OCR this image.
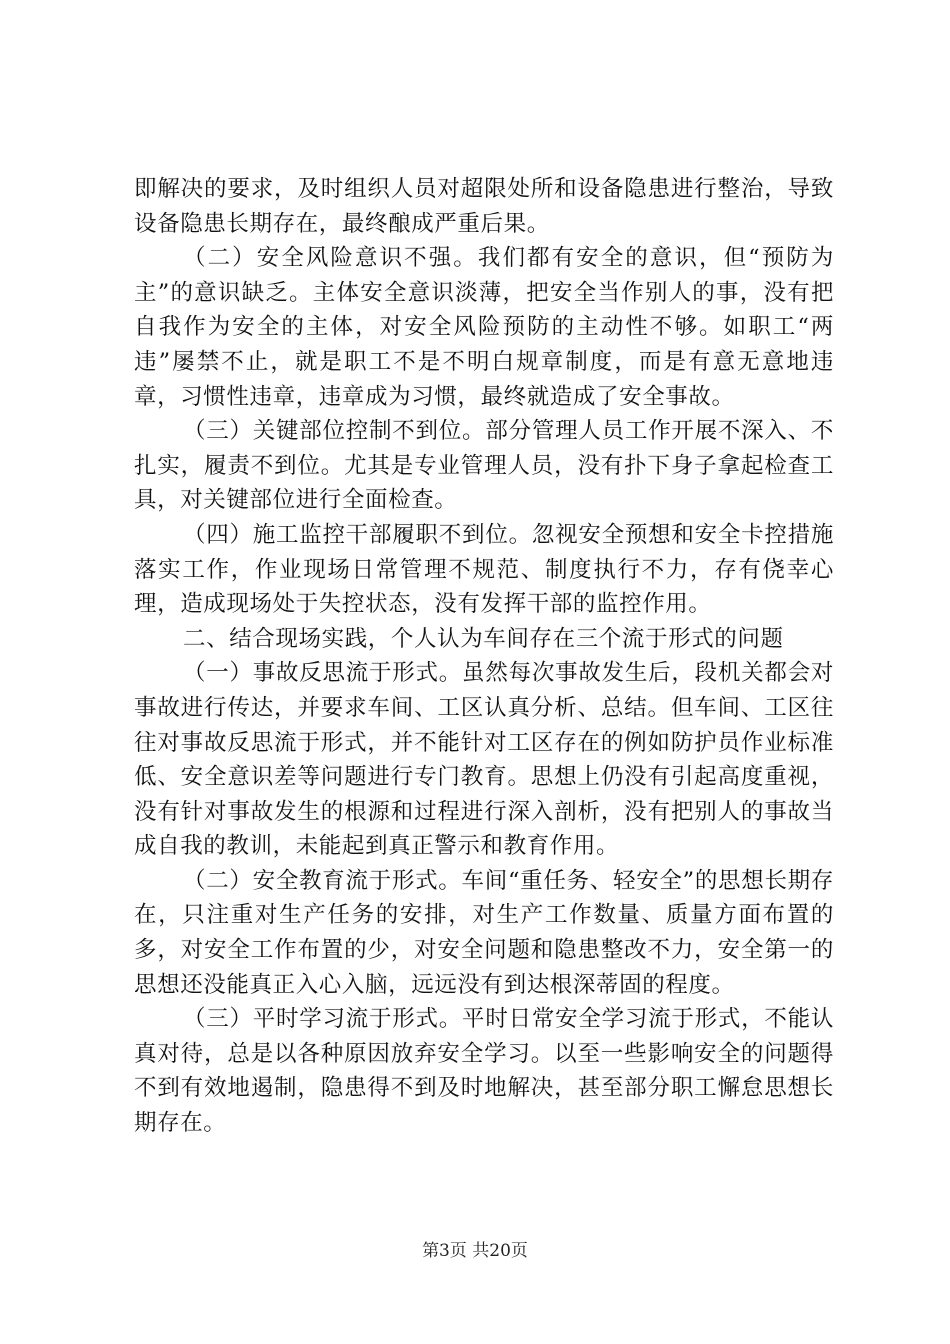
即解决的要求，及时组织人员对超限处所和设备隐患进行整治，导致设备隐患长期存在，最终酿成严重后果。

（二）安全风险意识不强。我们都有安全的意识，但“预防为主”的意识缺乏。主体安全意识淡薄，把安全当作别人的事，没有把自我作为安全的主体，对安全风险预防的主动性不够。如职工“两违”屡禁不止，就是职工不是不明白规章制度，而是有意无意地违章，习惯性违章，违章成为习惯，最终就造成了安全事故。

（三）关键部位控制不到位。部分管理人员工作开展不深入、不扎实，履责不到位。尤其是专业管理人员，没有扑下身子拿起检查工具，对关键部位进行全面检查。

（四）施工监控干部履职不到位。忽视安全预想和安全卡控措施落实工作，作业现场日常管理不规范、制度执行不力，存有侥幸心理，造成现场处于失控状态，没有发挥干部的监控作用。

二、结合现场实践，个人认为车间存在三个流于形式的问题

（一）事故反思流于形式。虽然每次事故发生后，段机关都会对事故进行传达，并要求车间、工区认真分析、总结。但车间、工区往往对事故反思流于形式，并不能针对工区存在的例如防护员作业标准低、安全意识差等问题进行专门教育。思想上仍没有引起高度重视，没有针对事故发生的根源和过程进行深入剖析，没有把别人的事故当成自我的教训，未能起到真正警示和教育作用。

（二）安全教育流于形式。车间“重任务、轻安全”的思想长期存在，只注重对生产任务的安排，对生产工作数量、质量方面布置的多，对安全工作布置的少，对安全问题和隐患整改不力，安全第一的思想还没能真正入心入脑，远远没有到达根深蒂固的程度。

（三）平时学习流于形式。平时日常安全学习流于形式，不能认真对待，总是以各种原因放弃安全学习。以至一些影响安全的问题得不到有效地遏制，隐患得不到及时地解决，甚至部分职工懈怠思想长期存在。

第3页 共20页
